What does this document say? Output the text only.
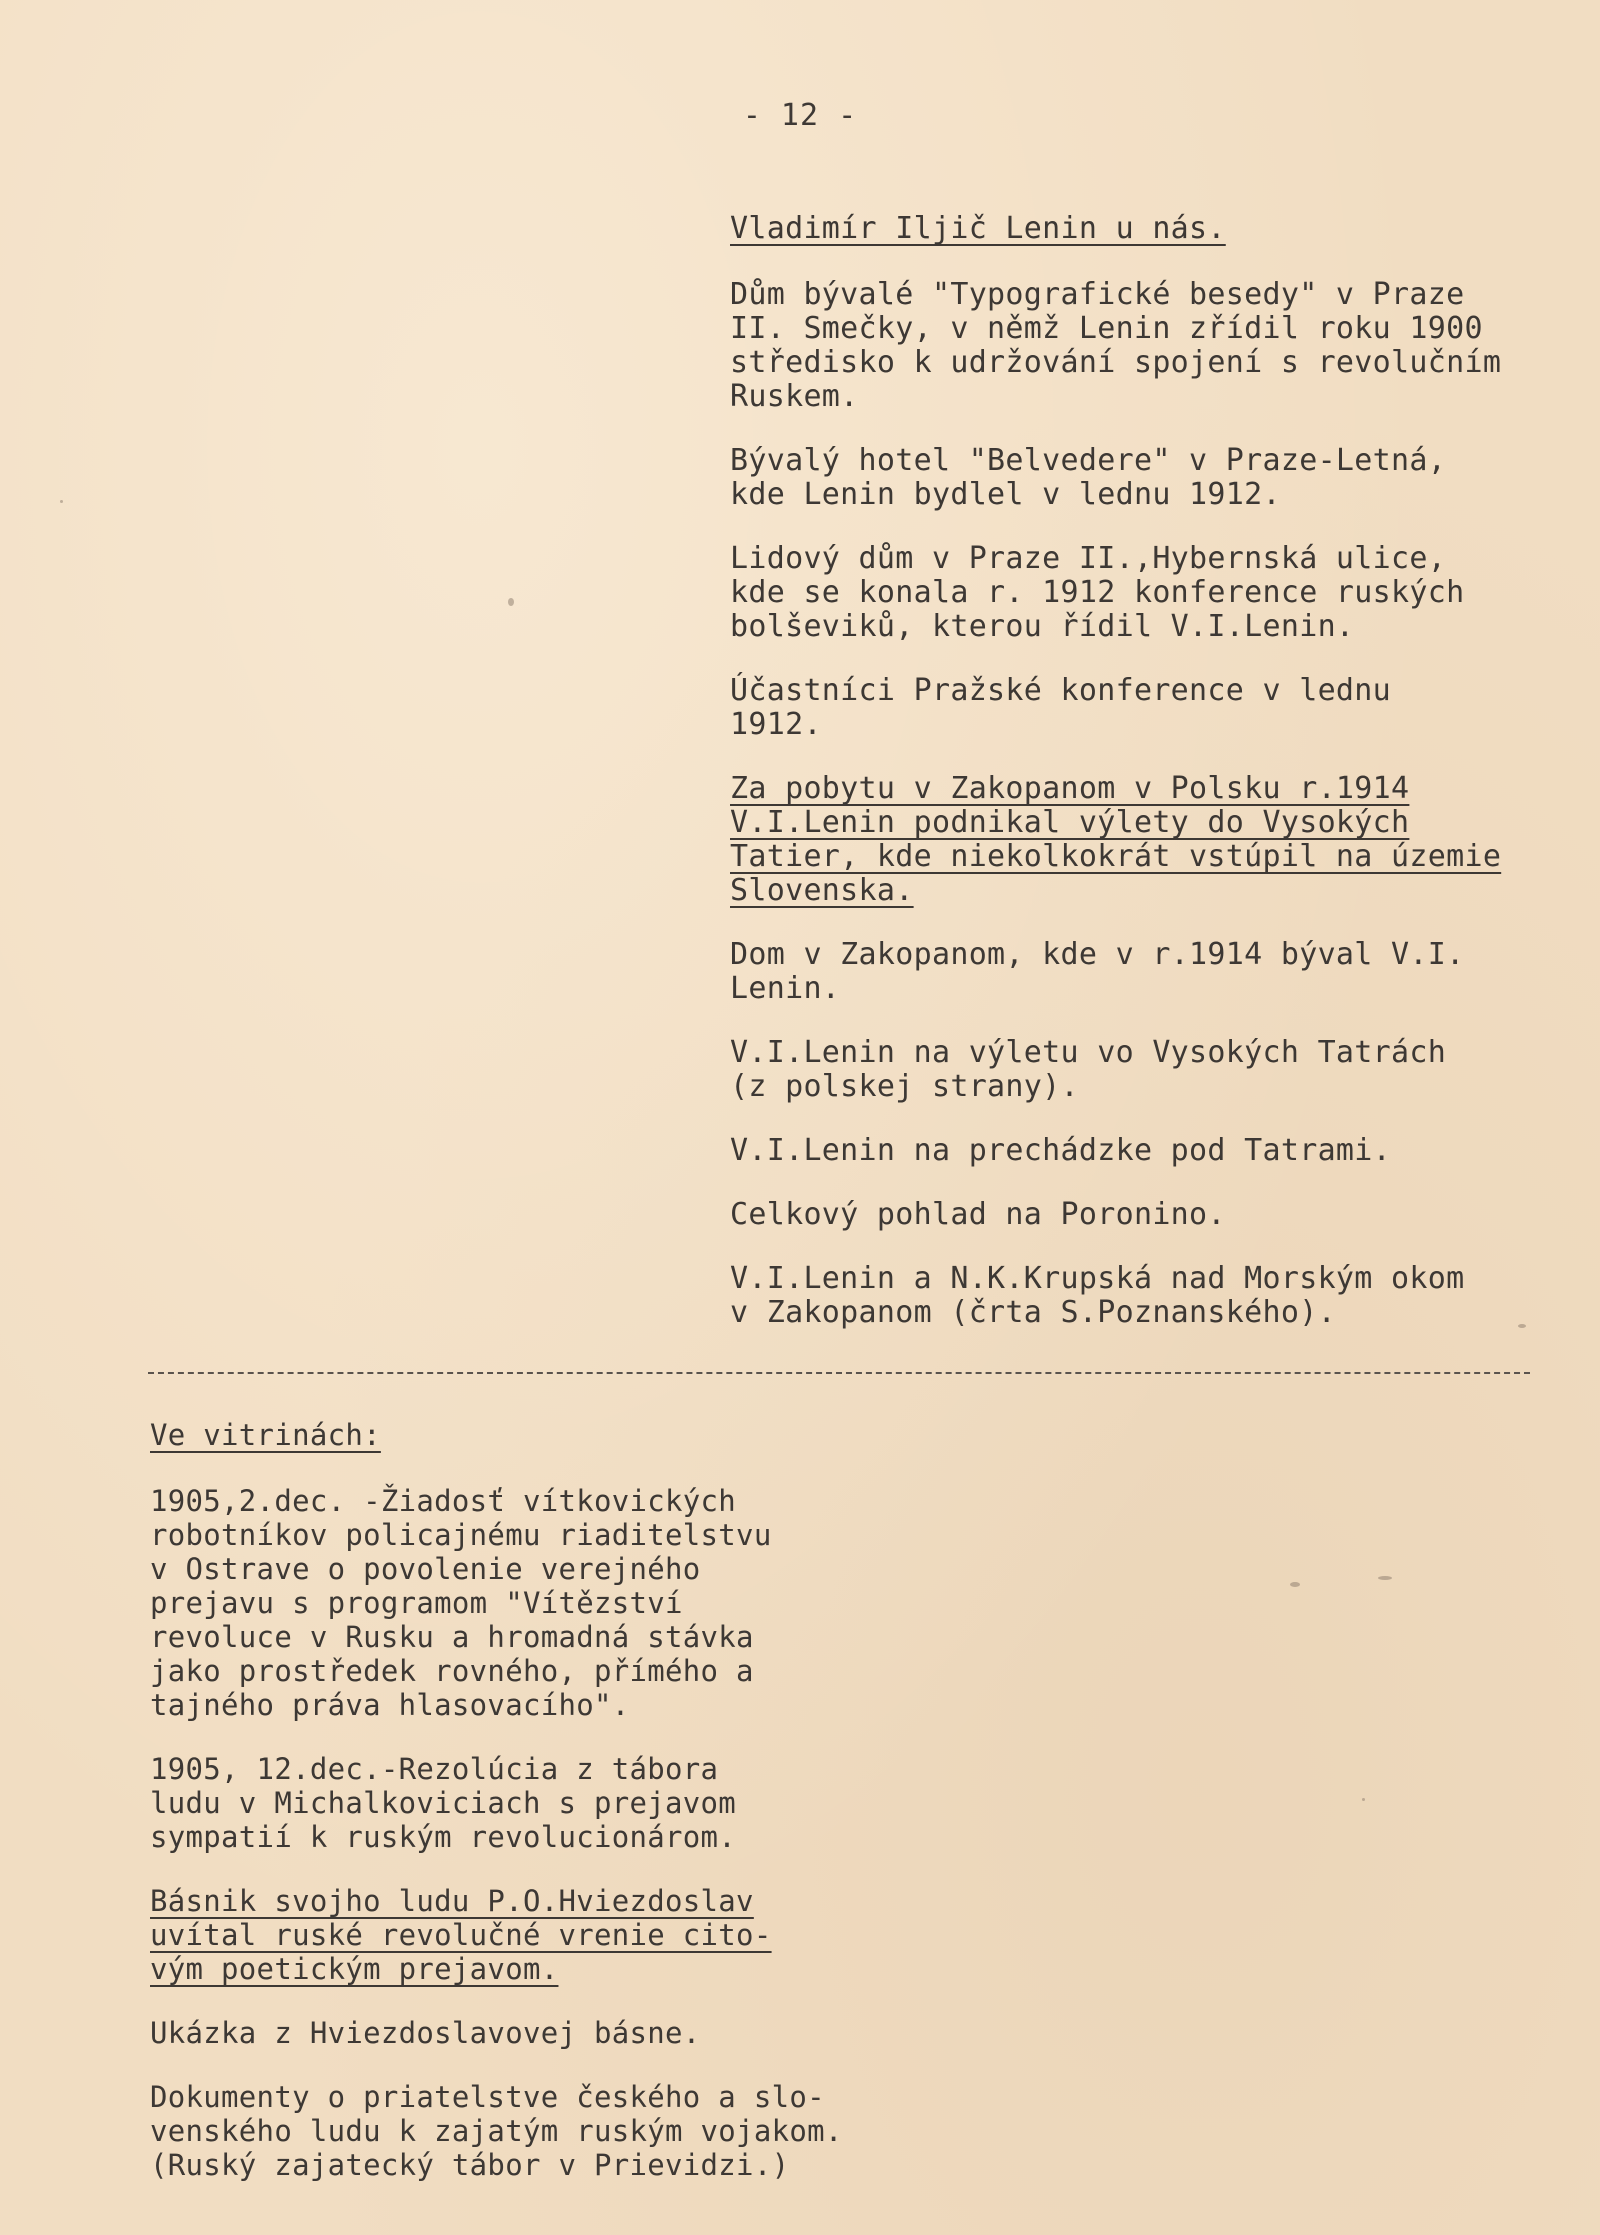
- 12 -
Vladimír Iljič Lenin u nás.
Dům bývalé "Typografické besedy" v Praze
II. Smečky, v němž Lenin zřídil roku 1900
středisko k udržování spojení s revolučním
Ruskem.
Bývalý hotel "Belvedere" v Praze-Letná,
kde Lenin bydlel v lednu 1912.
Lidový dům v Praze II.,Hybernská ulice,
kde se konala r. 1912 konference ruských
bolševiků, kterou řídil V.I.Lenin.
Účastníci Pražské konference v lednu
1912.
Za pobytu v Zakopanom v Polsku r.1914
V.I.Lenin podnikal výlety do Vysokých
Tatier, kde niekolkokrát vstúpil na územie
Slovenska.
Dom v Zakopanom, kde v r.1914 býval V.I.
Lenin.
V.I.Lenin na výletu vo Vysokých Tatrách
(z polskej strany).
V.I.Lenin na prechádzke pod Tatrami.
Celkový pohlad na Poronino.
V.I.Lenin a N.K.Krupská nad Morským okom
v Zakopanom (črta S.Poznanského).
Ve vitrinách:
1905,2.dec. -Žiadosť vítkovických
robotníkov policajnému riaditelstvu
v Ostrave o povolenie verejného
prejavu s programom "Vítězství
revoluce v Rusku a hromadná stávka
jako prostředek rovného, přímého a
tajného práva hlasovacího".
1905, 12.dec.-Rezolúcia z tábora
ludu v Michalkoviciach s prejavom
sympatií k ruským revolucionárom.
Básnik svojho ludu P.O.Hviezdoslav
uvítal ruské revolučné vrenie cito-
vým poetickým prejavom.
Ukázka z Hviezdoslavovej básne.
Dokumenty o priatelstve českého a slo-
venského ludu k zajatým ruským vojakom.
(Ruský zajatecký tábor v Prievidzi.)
